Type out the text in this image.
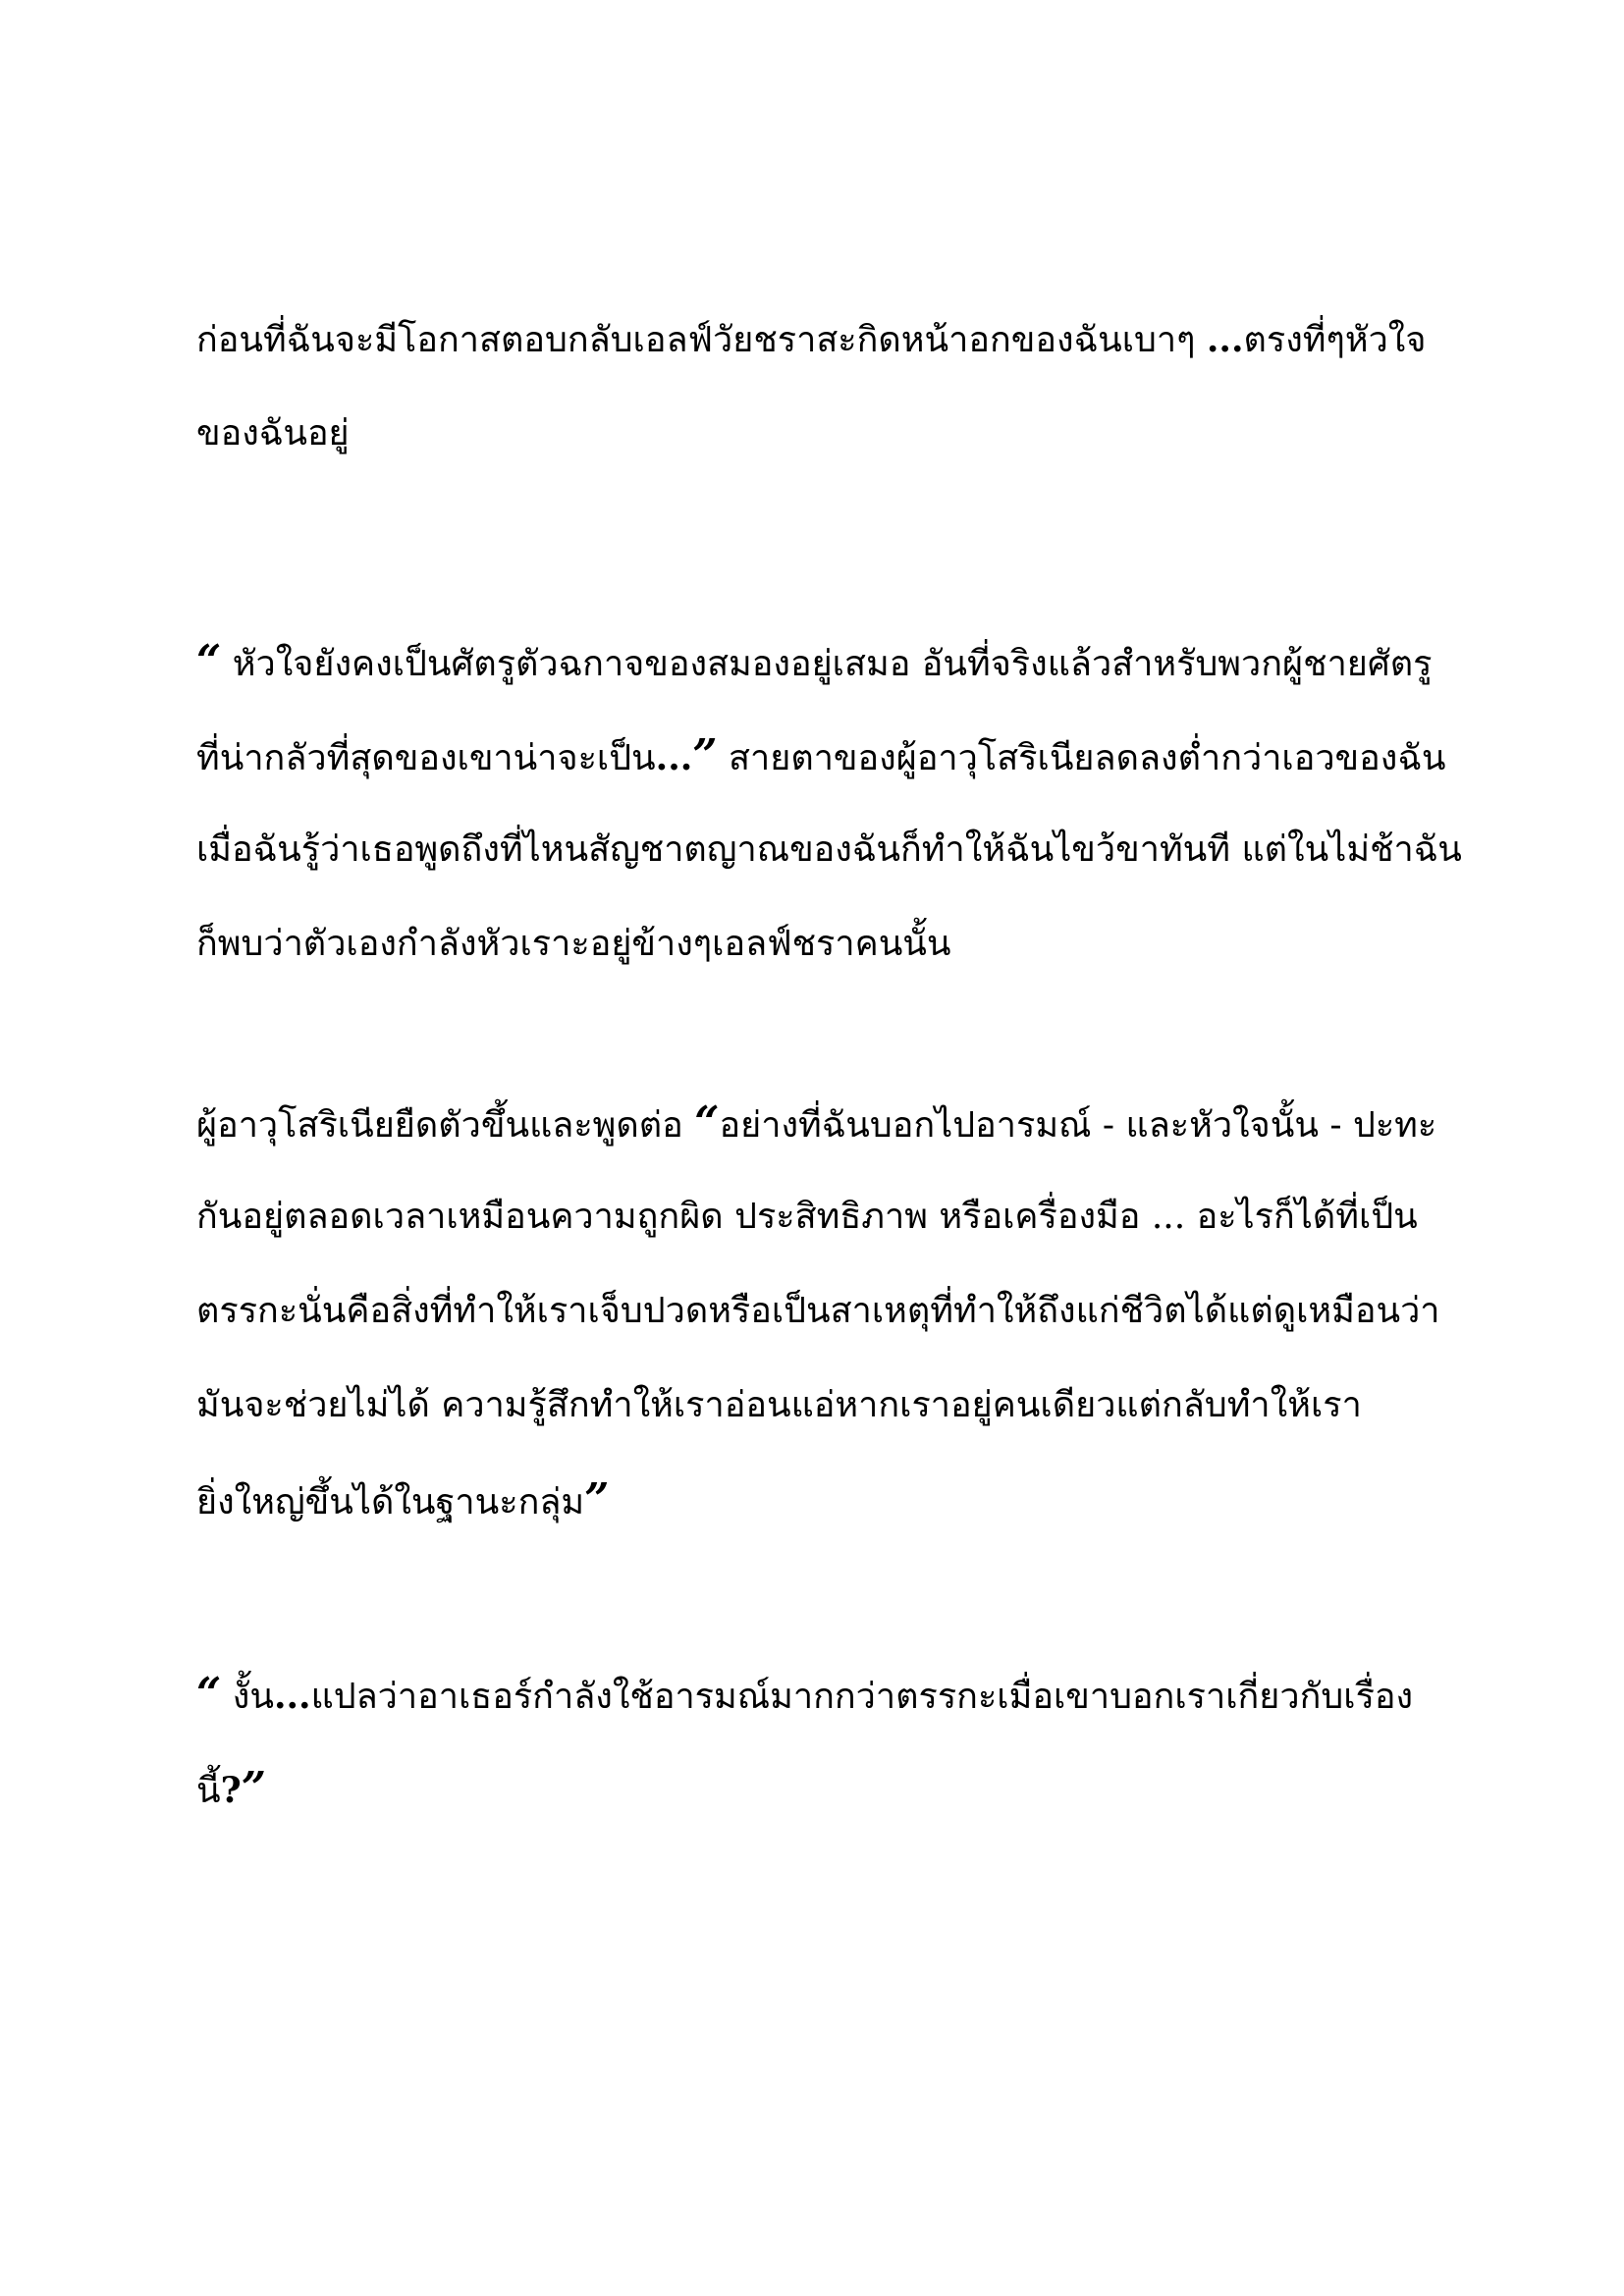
ก่อนที่ฉันจะมีโอกาสตอบกลับเอลฟ์วัยชราสะกิดหน้าอกของฉันเบาๆ ...ตรงที่ๆหัวใจ
ของฉันอยู่
“ หัวใจยังคงเป็นศัตรูตัวฉกาจของสมองอยู่เสมอ อันที่จริงแล้วสำหรับพวกผู้ชายศัตรู
ที่น่ากลัวที่สุดของเขาน่าจะเป็น...” สายตาของผู้อาวุโสริเนียลดลงต่ำกว่าเอวของฉัน
เมื่อฉันรู้ว่าเธอพูดถึงที่ไหนสัญชาตญาณของฉันก็ทำให้ฉันไขว้ขาทันที แต่ในไม่ช้าฉัน
ก็พบว่าตัวเองกำลังหัวเราะอยู่ข้างๆเอลฟ์ชราคนนั้น
ผู้อาวุโสริเนียยืดตัวขึ้นและพูดต่อ “อย่างที่ฉันบอกไปอารมณ์ - และหัวใจนั้น - ปะทะ
กันอยู่ตลอดเวลาเหมือนความถูกผิด ประสิทธิภาพ หรือเครื่องมือ ... อะไรก็ได้ที่เป็น
ตรรกะนั่นคือสิ่งที่ทำให้เราเจ็บปวดหรือเป็นสาเหตุที่ทำให้ถึงแก่ชีวิตได้แต่ดูเหมือนว่า
มันจะช่วยไม่ได้ ความรู้สึกทำให้เราอ่อนแอ่หากเราอยู่คนเดียวแต่กลับทำให้เรา
ยิ่งใหญ่ขึ้นได้ในฐานะกลุ่ม”
“ งั้น...แปลว่าอาเธอร์กำลังใช้อารมณ์มากกว่าตรรกะเมื่อเขาบอกเราเกี่ยวกับเรื่อง
นี้?”
